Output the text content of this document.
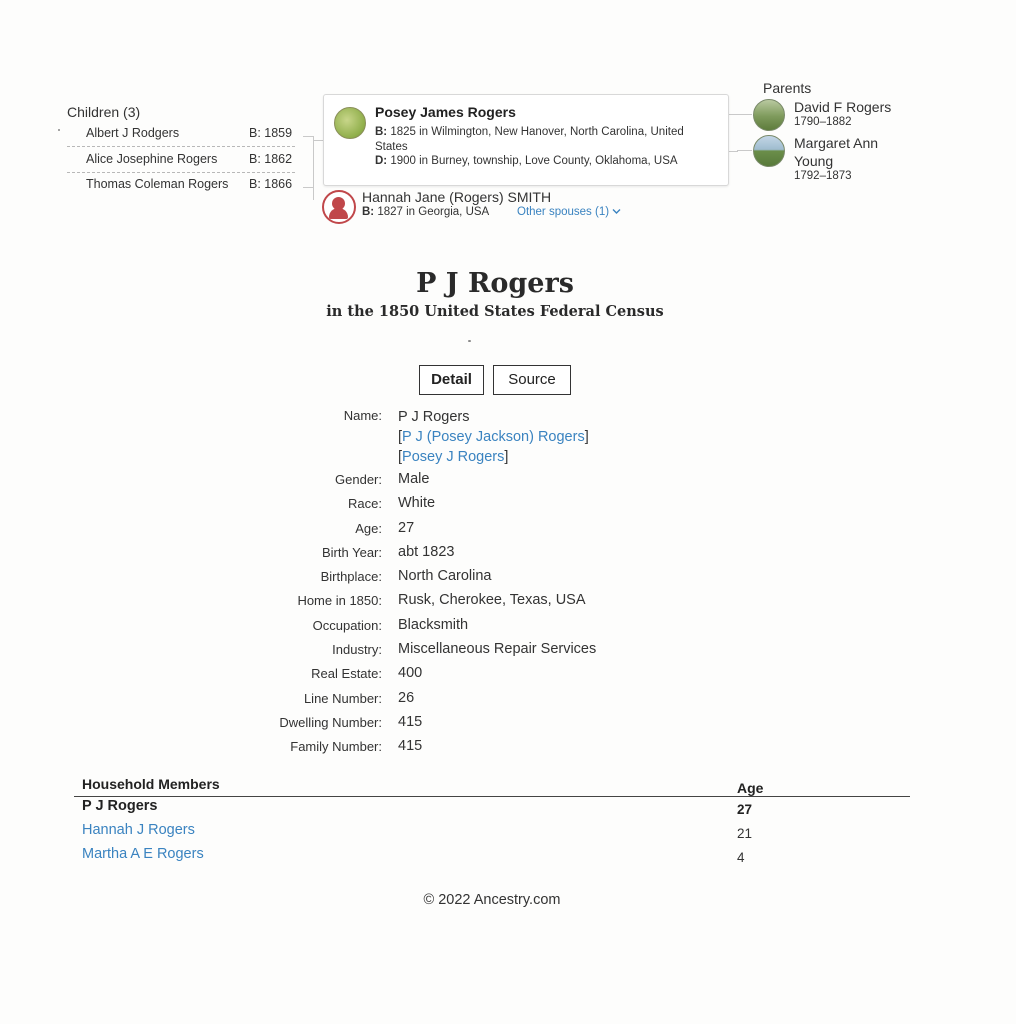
Children (3)
Albert J Rodgers	B: 1859
Alice Josephine Rogers	B: 1862
Thomas Coleman Rogers B: 1866
Posey James Rogers
B: 1825 in Wilmington, New Hanover, North Carolina, United States
D: 1900 in Burney, township, Love County, Oklahoma, USA
Hannah Jane (Rogers) SMITH
B: 1827 in Georgia, USA Other spouses (1)
Parents
David F Rogers
1790–1882
Margaret Ann Young
1792–1873
P J Rogers
in the 1850 United States Federal Census
Detail	Source
Name: P J Rogers
[P J (Posey Jackson) Rogers]
[Posey J Rogers]
Gender: Male
Race: White
Age: 27
Birth Year: abt 1823
Birthplace: North Carolina
Home in 1850: Rusk, Cherokee, Texas, USA
Occupation: Blacksmith
Industry: Miscellaneous Repair Services
Real Estate: 400
Line Number: 26
Dwelling Number: 415
Family Number: 415
Household Members	Age
P J Rogers	27
Hannah J Rogers	21
Martha A E Rogers	4
© 2022 Ancestry.com
